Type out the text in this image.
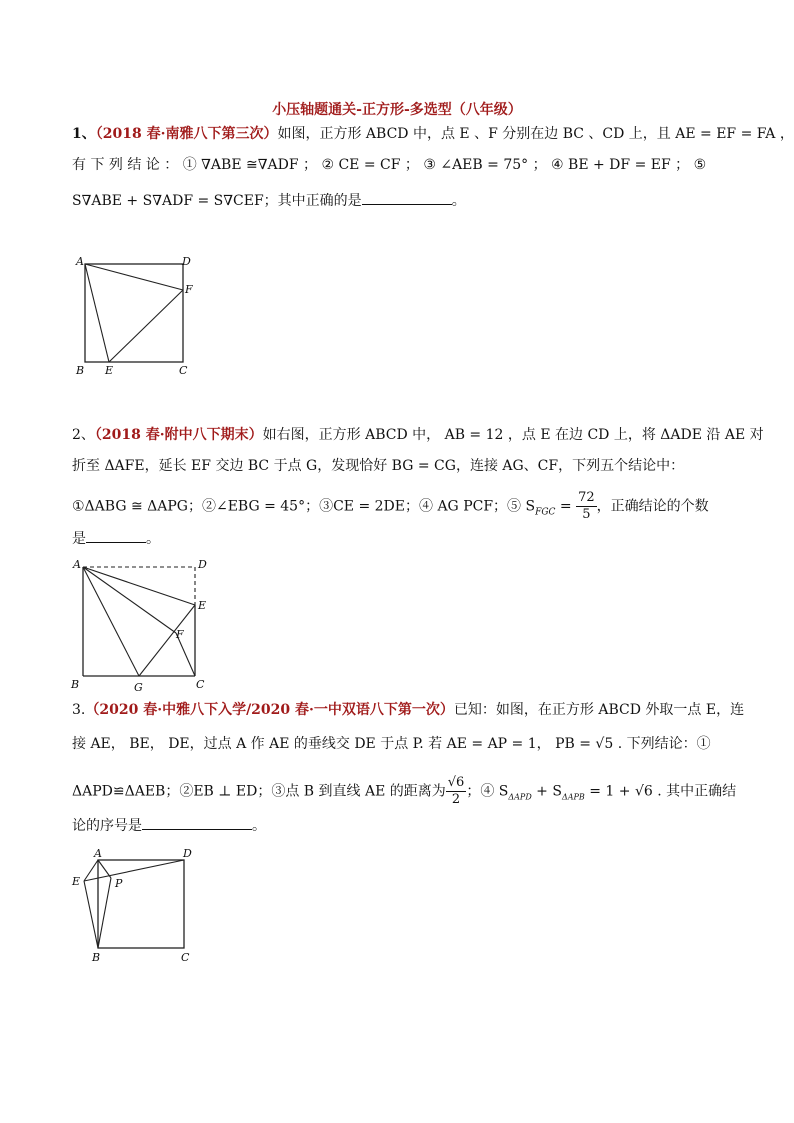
小压轴题通关-正方形-多选型（八年级）
1、（2018 春·南雅八下第三次）如图，正方形 ABCD 中，点 E 、F 分别在边 BC 、CD 上，且 AE = EF = FA ，
有 下 列 结 论 ： ① ∇ABE ≅∇ADF ； ② CE = CF ； ③ ∠AEB = 75° ； ④ BE + DF = EF ； ⑤
S∇ABE + S∇ADF = S∇CEF；其中正确的是	。
A	D
F
B E	C
2、（2018 春·附中八下期末）如右图，正方形 ABCD 中， AB = 12 ，点 E 在边 CD 上，将 ΔADE 沿 AE 对
折至 ΔAFE，延长 EF 交边 BC 于点 G，发现恰好 BG = CG，连接 AG、CF，下列五个结论中：
①ΔABG ≅ ΔAPG；②∠EBG = 45°；③CE = 2DE；④ AG PCF；⑤ $S_{FGC} = \frac{72}{5}$ ，正确结论的个数
是	。
A	D
E
F
B	G	C
3.（2020 春·中雅八下入学/2020 春·一中双语八下第一次）已知：如图，在正方形 ABCD 外取一点 E，连
接 AE， BE， DE，过点 A 作 AE 的垂线交 DE 于点 P. 若 AE = AP = 1， PB = √5 . 下列结论：①
ΔAPD≌ΔAEB；②EB ⊥ ED；③点 B 到直线 AE 的距离为 $\frac{√6}{2}$ ；④ $S_{\Delta APD} + S_{\Delta APB} = 1 + √6$ . 其中正确结
论的序号是	。
A	D
E	P
B	C
